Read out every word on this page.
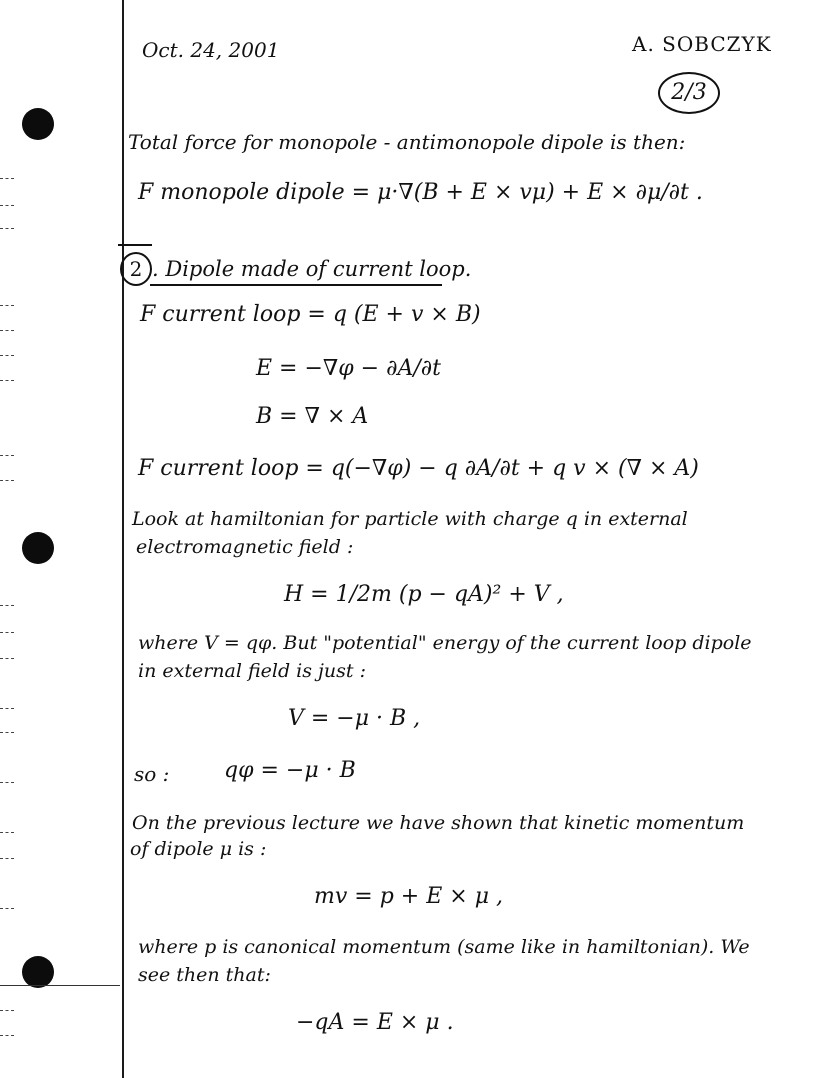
Oct. 24, 2001	A. SOBCZYK
2/3
Total force for monopole - antimonopole dipole is then:
F monopole dipole = μ·∇(B + E × vμ) + E × ∂μ/∂t .
2 . Dipole made of current loop.
F current loop = q (E + v × B)
E = −∇φ − ∂A/∂t
B = ∇ × A
F current loop = q(−∇φ) − q ∂A/∂t + q v × (∇ × A)
Look at hamiltonian for particle with charge q in external
electromagnetic field :
H = 1/2m (p − qA)² + V ,
where V = qφ. But "potential" energy of the current loop dipole
in external field is just :
V = −μ · B ,
so : qφ = −μ · B
On the previous lecture we have shown that kinetic momentum
of dipole μ is :
mv = p + E × μ ,
where p is canonical momentum (same like in hamiltonian). We
see then that:
−qA = E × μ .
